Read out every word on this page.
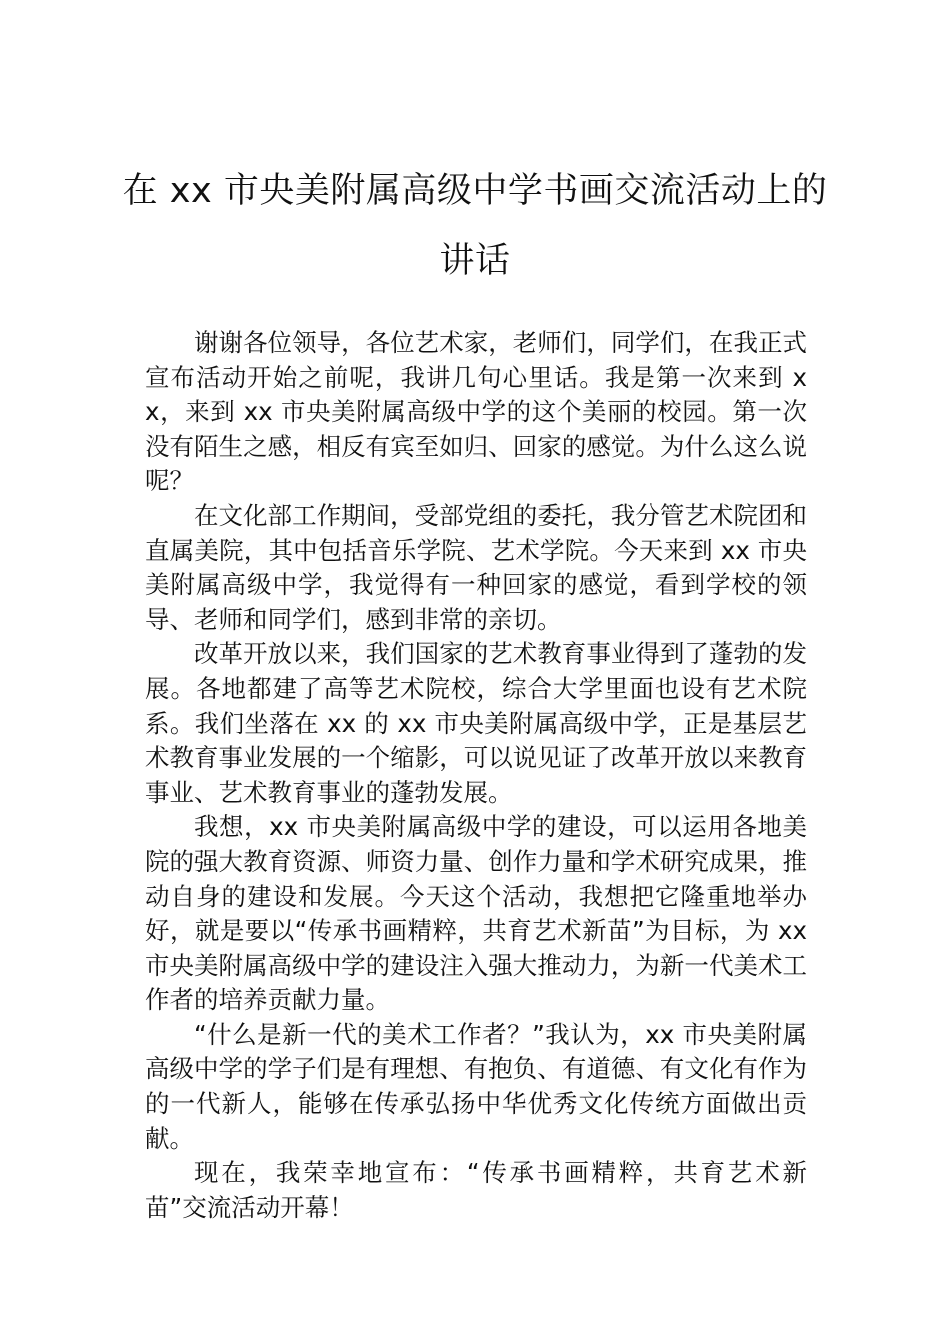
在 xx 市央美附属高级中学书画交流活动上的讲话

谢谢各位领导，各位艺术家，老师们，同学们，在我正式宣布活动开始之前呢，我讲几句心里话。我是第一次来到 xx，来到 xx 市央美附属高级中学的这个美丽的校园。第一次没有陌生之感，相反有宾至如归、回家的感觉。为什么这么说呢？

在文化部工作期间，受部党组的委托，我分管艺术院团和直属美院，其中包括音乐学院、艺术学院。今天来到 xx 市央美附属高级中学，我觉得有一种回家的感觉，看到学校的领导、老师和同学们，感到非常的亲切。

改革开放以来，我们国家的艺术教育事业得到了蓬勃的发展。各地都建了高等艺术院校，综合大学里面也设有艺术院系。我们坐落在 xx 的 xx 市央美附属高级中学，正是基层艺术教育事业发展的一个缩影，可以说见证了改革开放以来教育事业、艺术教育事业的蓬勃发展。

我想，xx 市央美附属高级中学的建设，可以运用各地美院的强大教育资源、师资力量、创作力量和学术研究成果，推动自身的建设和发展。今天这个活动，我想把它隆重地举办好，就是要以“传承书画精粹，共育艺术新苗”为目标，为 xx 市央美附属高级中学的建设注入强大推动力，为新一代美术工作者的培养贡献力量。

“什么是新一代的美术工作者？”我认为，xx 市央美附属高级中学的学子们是有理想、有抱负、有道德、有文化有作为的一代新人，能够在传承弘扬中华优秀文化传统方面做出贡献。

现在，我荣幸地宣布：“传承书画精粹，共育艺术新苗”交流活动开幕！
